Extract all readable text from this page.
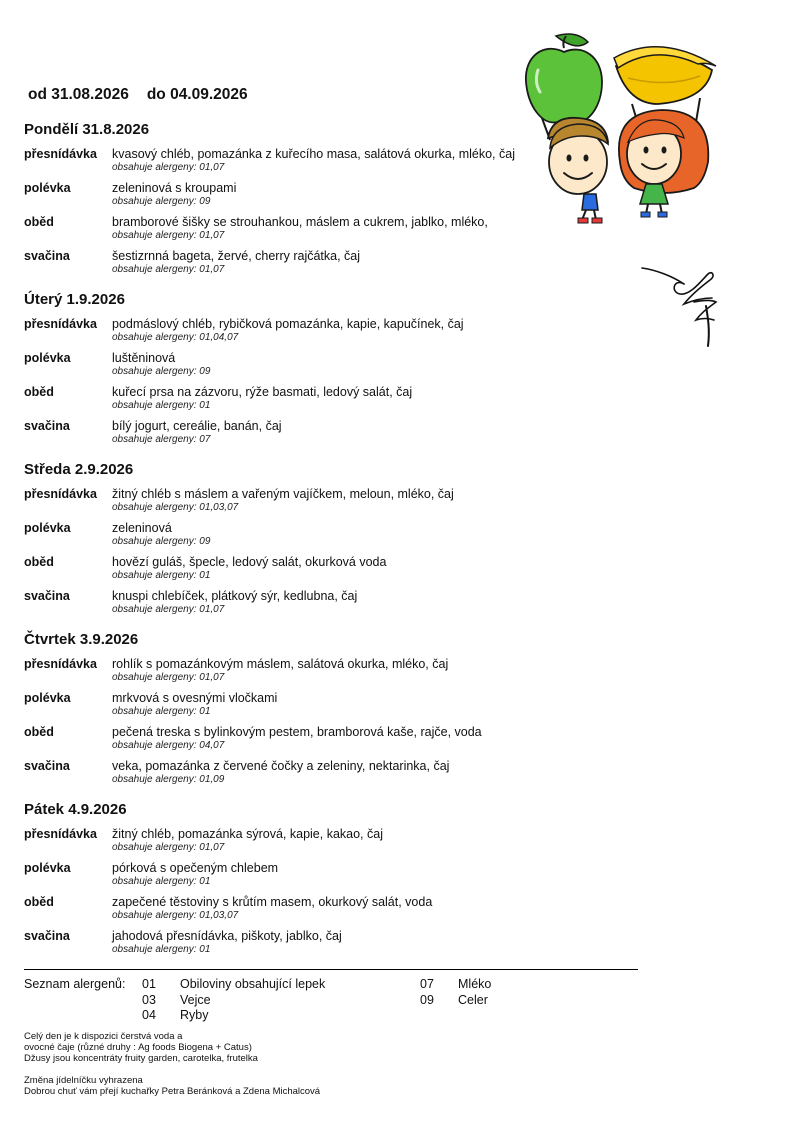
od 31.08.2026 do 04.09.2026
Pondělí 31.8.2026
přesnídávka	kvasový chléb, pomazánka z kuřecího masa, salátová okurka, mléko, čaj
obsahuje alergeny: 01,07
polévka	zeleninová s kroupami
obsahuje alergeny: 09
oběd	bramborové šišky se strouhankou, máslem a cukrem, jablko, mléko,
obsahuje alergeny: 01,07
svačina	šestizrnná bageta, žervé, cherry rajčátka, čaj
obsahuje alergeny: 01,07
Úterý 1.9.2026
přesnídávka	podmáslový chléb, rybičková pomazánka, kapie, kapučínek, čaj
obsahuje alergeny: 01,04,07
polévka	luštěninová
obsahuje alergeny: 09
oběd	kuřecí prsa na zázvoru, rýže basmati, ledový salát, čaj
obsahuje alergeny: 01
svačina	bílý jogurt, cereálie, banán, čaj
obsahuje alergeny: 07
Středa 2.9.2026
přesnídávka	žitný chléb s máslem a vařeným vajíčkem, meloun, mléko, čaj
obsahuje alergeny: 01,03,07
polévka	zeleninová
obsahuje alergeny: 09
oběd	hovězí guláš, špecle, ledový salát, okurková voda
obsahuje alergeny: 01
svačina	knuspi chlebíček, plátkový sýr, kedlubna, čaj
obsahuje alergeny: 01,07
Čtvrtek 3.9.2026
přesnídávka	rohlík s pomazánkovým máslem, salátová okurka, mléko, čaj
obsahuje alergeny: 01,07
polévka	mrkvová s ovesnými vločkami
obsahuje alergeny: 01
oběd	pečená treska s bylinkovým pestem, bramborová kaše, rajče, voda
obsahuje alergeny: 04,07
svačina	veka, pomazánka z červené čočky a zeleniny, nektarinka, čaj
obsahuje alergeny: 01,09
Pátek 4.9.2026
přesnídávka	žitný chléb, pomazánka sýrová, kapie, kakao, čaj
obsahuje alergeny: 01,07
polévka	pórková s opečeným chlebem
obsahuje alergeny: 01
oběd	zapečené těstoviny s krůtím masem, okurkový salát, voda
obsahuje alergeny: 01,03,07
svačina	jahodová přesnídávka, piškoty, jablko, čaj
obsahuje alergeny: 01
Seznam alergenů:	01 Obiloviny obsahující lepek
03 Vejce
04 Ryby
07 Mléko
09 Celer
Celý den je k dispozici čerstvá voda a
ovocné čaje (různé druhy : Ag foods Biogena + Catus)
Džusy jsou koncentráty fruity garden, carotelka, frutelka
Změna jídelníčku vyhrazena
Dobrou chuť vám přejí kuchařky Petra Beránková a Zdena Michalcová
